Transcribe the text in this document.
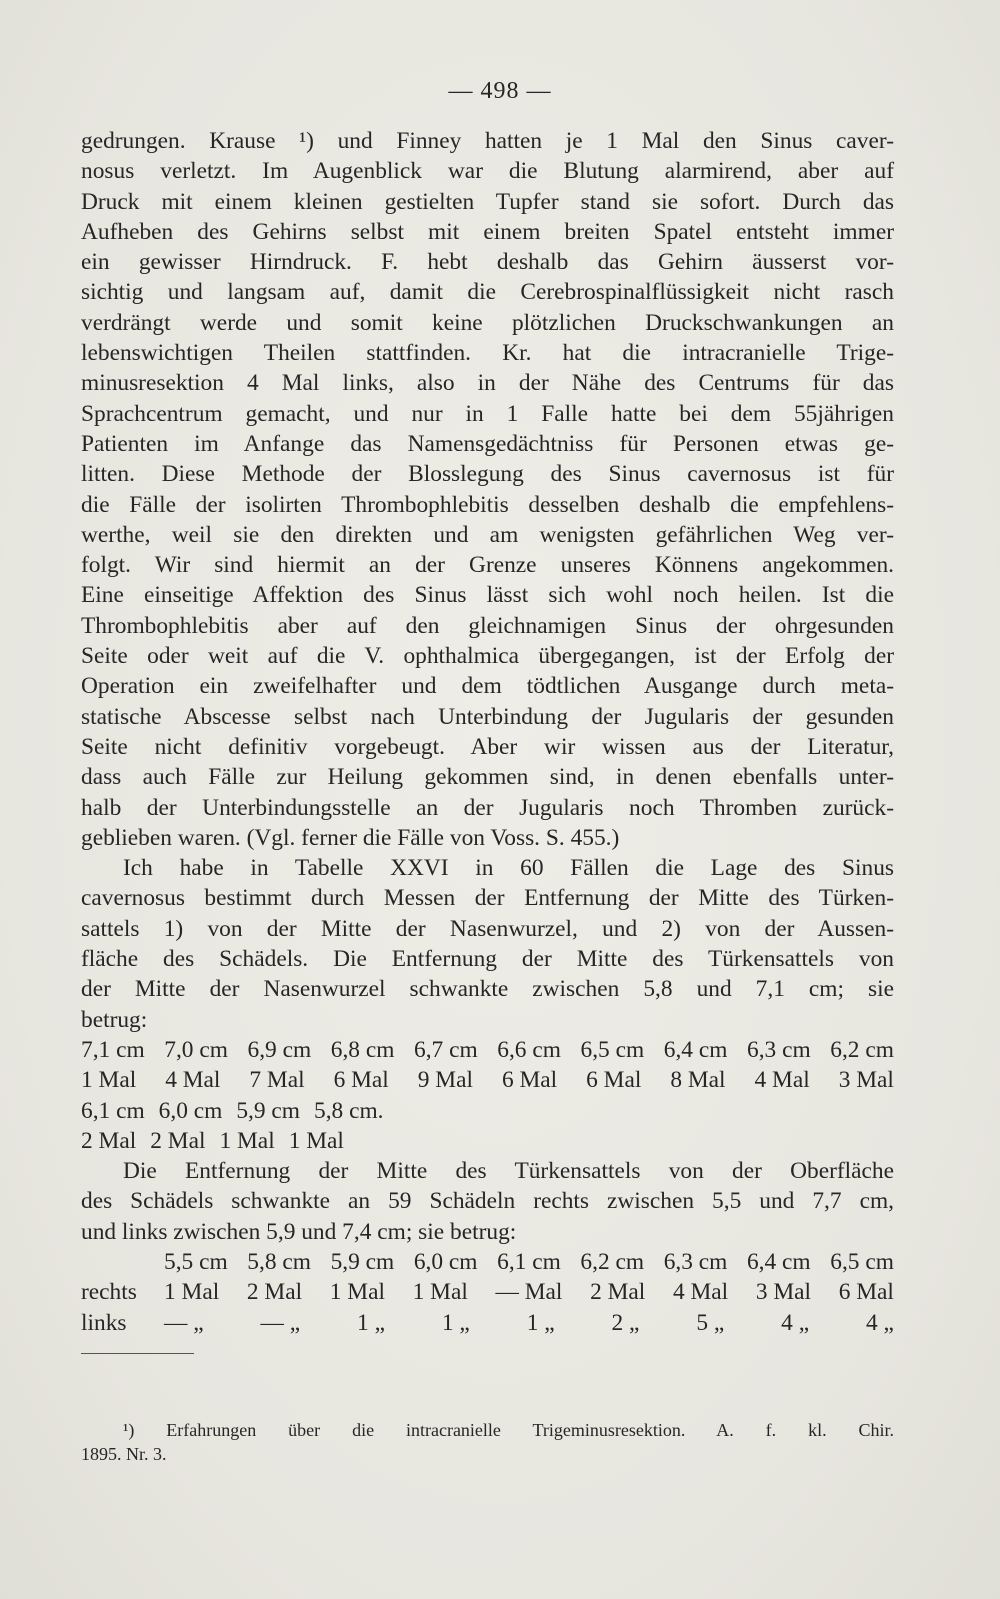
— 498 —
gedrungen. Krause ¹) und Finney hatten je 1 Mal den Sinus caver-
nosus verletzt. Im Augenblick war die Blutung alarmirend, aber auf
Druck mit einem kleinen gestielten Tupfer stand sie sofort. Durch das
Aufheben des Gehirns selbst mit einem breiten Spatel entsteht immer
ein gewisser Hirndruck. F. hebt deshalb das Gehirn äusserst vor-
sichtig und langsam auf, damit die Cerebrospinalflüssigkeit nicht rasch
verdrängt werde und somit keine plötzlichen Druckschwankungen an
lebenswichtigen Theilen stattfinden. Kr. hat die intracranielle Trige-
minusresektion 4 Mal links, also in der Nähe des Centrums für das
Sprachcentrum gemacht, und nur in 1 Falle hatte bei dem 55jährigen
Patienten im Anfange das Namensgedächtniss für Personen etwas ge-
litten. Diese Methode der Blosslegung des Sinus cavernosus ist für
die Fälle der isolirten Thrombophlebitis desselben deshalb die empfehlens-
werthe, weil sie den direkten und am wenigsten gefährlichen Weg ver-
folgt. Wir sind hiermit an der Grenze unseres Könnens angekommen.
Eine einseitige Affektion des Sinus lässt sich wohl noch heilen. Ist die
Thrombophlebitis aber auf den gleichnamigen Sinus der ohrgesunden
Seite oder weit auf die V. ophthalmica übergegangen, ist der Erfolg der
Operation ein zweifelhafter und dem tödtlichen Ausgange durch meta-
statische Abscesse selbst nach Unterbindung der Jugularis der gesunden
Seite nicht definitiv vorgebeugt. Aber wir wissen aus der Literatur,
dass auch Fälle zur Heilung gekommen sind, in denen ebenfalls unter-
halb der Unterbindungsstelle an der Jugularis noch Thromben zurück-
geblieben waren. (Vgl. ferner die Fälle von Voss. S. 455.)
Ich habe in Tabelle XXVI in 60 Fällen die Lage des Sinus
cavernosus bestimmt durch Messen der Entfernung der Mitte des Türken-
sattels 1) von der Mitte der Nasenwurzel, und 2) von der Aussen-
fläche des Schädels. Die Entfernung der Mitte des Türkensattels von
der Mitte der Nasenwurzel schwankte zwischen 5,8 und 7,1 cm; sie
betrug:
7,1 cm 7,0 cm 6,9 cm 6,8 cm 6,7 cm 6,6 cm 6,5 cm 6,4 cm 6,3 cm 6,2 cm
1 Mal 4 Mal 7 Mal 6 Mal 9 Mal 6 Mal 6 Mal 8 Mal 4 Mal 3 Mal
6,1 cm 6,0 cm 5,9 cm 5,8 cm.
2 Mal 2 Mal 1 Mal 1 Mal
Die Entfernung der Mitte des Türkensattels von der Oberfläche
des Schädels schwankte an 59 Schädeln rechts zwischen 5,5 und 7,7 cm,
und links zwischen 5,9 und 7,4 cm; sie betrug:
5,5 cm 5,8 cm 5,9 cm 6,0 cm 6,1 cm 6,2 cm 6,3 cm 6,4 cm 6,5 cm
rechts	1 Mal 2 Mal 1 Mal 1 Mal — Mal 2 Mal 4 Mal 3 Mal 6 Mal
links	— „ — „ 1 „ 1 „ 1 „ 2 „ 5 „ 4 „ 4 „
¹) Erfahrungen über die intracranielle Trigeminusresektion. A. f. kl. Chir.
1895. Nr. 3.
